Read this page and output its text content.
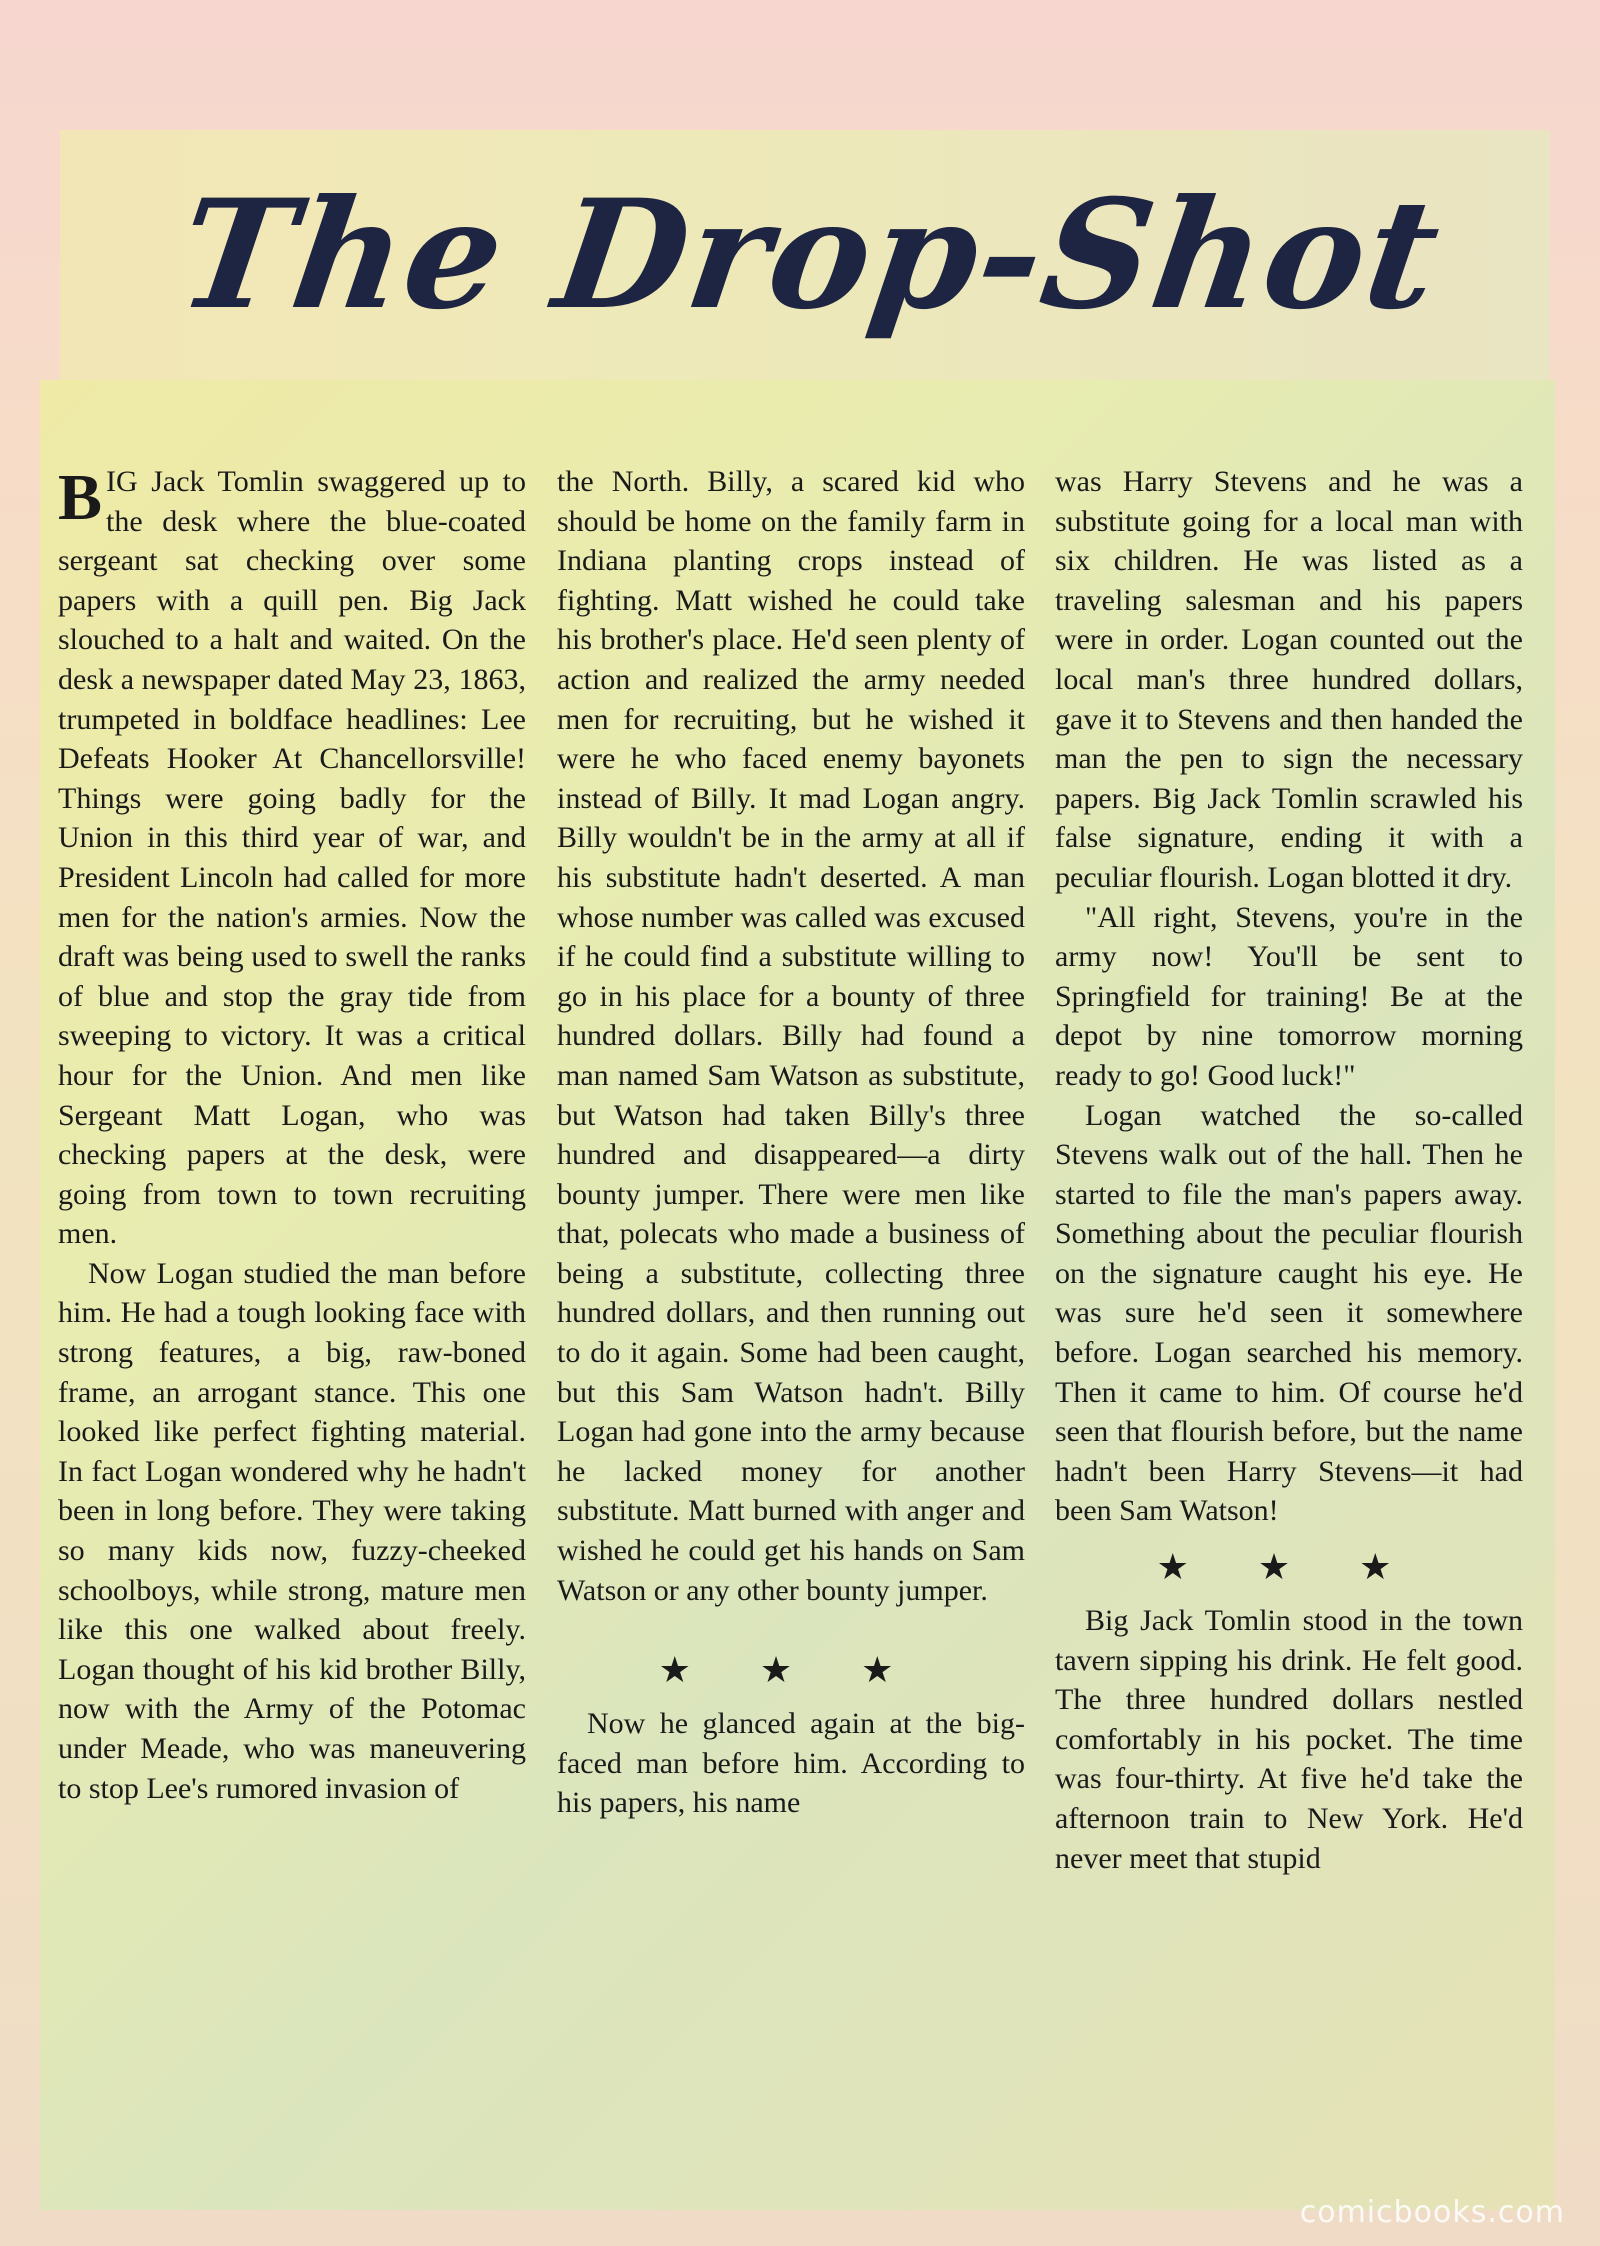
The Drop-Shot

BIG Jack Tomlin swaggered up to the desk where the blue-coated sergeant sat checking over some papers with a quill pen. Big Jack slouched to a halt and waited. On the desk a newspaper dated May 23, 1863, trumpeted in boldface headlines: Lee Defeats Hooker At Chancellorsville! Things were going badly for the Union in this third year of war, and President Lincoln had called for more men for the nation's armies. Now the draft was being used to swell the ranks of blue and stop the gray tide from sweeping to victory. It was a critical hour for the Union. And men like Sergeant Matt Logan, who was checking papers at the desk, were going from town to town recruiting men.

Now Logan studied the man before him. He had a tough looking face with strong features, a big, raw-boned frame, an arrogant stance. This one looked like perfect fighting material. In fact Logan wondered why he hadn't been in long before. They were taking so many kids now, fuzzy-cheeked schoolboys, while strong, mature men like this one walked about freely. Logan thought of his kid brother Billy, now with the Army of the Potomac under Meade, who was maneuvering to stop Lee's rumored invasion of

the North. Billy, a scared kid who should be home on the family farm in Indiana planting crops instead of fighting. Matt wished he could take his brother's place. He'd seen plenty of action and realized the army needed men for recruiting, but he wished it were he who faced enemy bayonets instead of Billy. It mad Logan angry. Billy wouldn't be in the army at all if his substitute hadn't deserted. A man whose number was called was excused if he could find a substitute willing to go in his place for a bounty of three hundred dollars. Billy had found a man named Sam Watson as substitute, but Watson had taken Billy's three hundred and disappeared—a dirty bounty jumper. There were men like that, polecats who made a business of being a substitute, collecting three hundred dollars, and then running out to do it again. Some had been caught, but this Sam Watson hadn't. Billy Logan had gone into the army because he lacked money for another substitute. Matt burned with anger and wished he could get his hands on Sam Watson or any other bounty jumper.

★ ★ ★

Now he glanced again at the big-faced man before him. According to his papers, his name

was Harry Stevens and he was a substitute going for a local man with six children. He was listed as a traveling salesman and his papers were in order. Logan counted out the local man's three hundred dollars, gave it to Stevens and then handed the man the pen to sign the necessary papers. Big Jack Tomlin scrawled his false signature, ending it with a peculiar flourish. Logan blotted it dry.

"All right, Stevens, you're in the army now! You'll be sent to Springfield for training! Be at the depot by nine tomorrow morning ready to go! Good luck!"

Logan watched the so-called Stevens walk out of the hall. Then he started to file the man's papers away. Something about the peculiar flourish on the signature caught his eye. He was sure he'd seen it somewhere before. Logan searched his memory. Then it came to him. Of course he'd seen that flourish before, but the name hadn't been Harry Stevens—it had been Sam Watson!

★ ★ ★

Big Jack Tomlin stood in the town tavern sipping his drink. He felt good. The three hundred dollars nestled comfortably in his pocket. The time was four-thirty. At five he'd take the afternoon train to New York. He'd never meet that stupid

comicbooks.com
